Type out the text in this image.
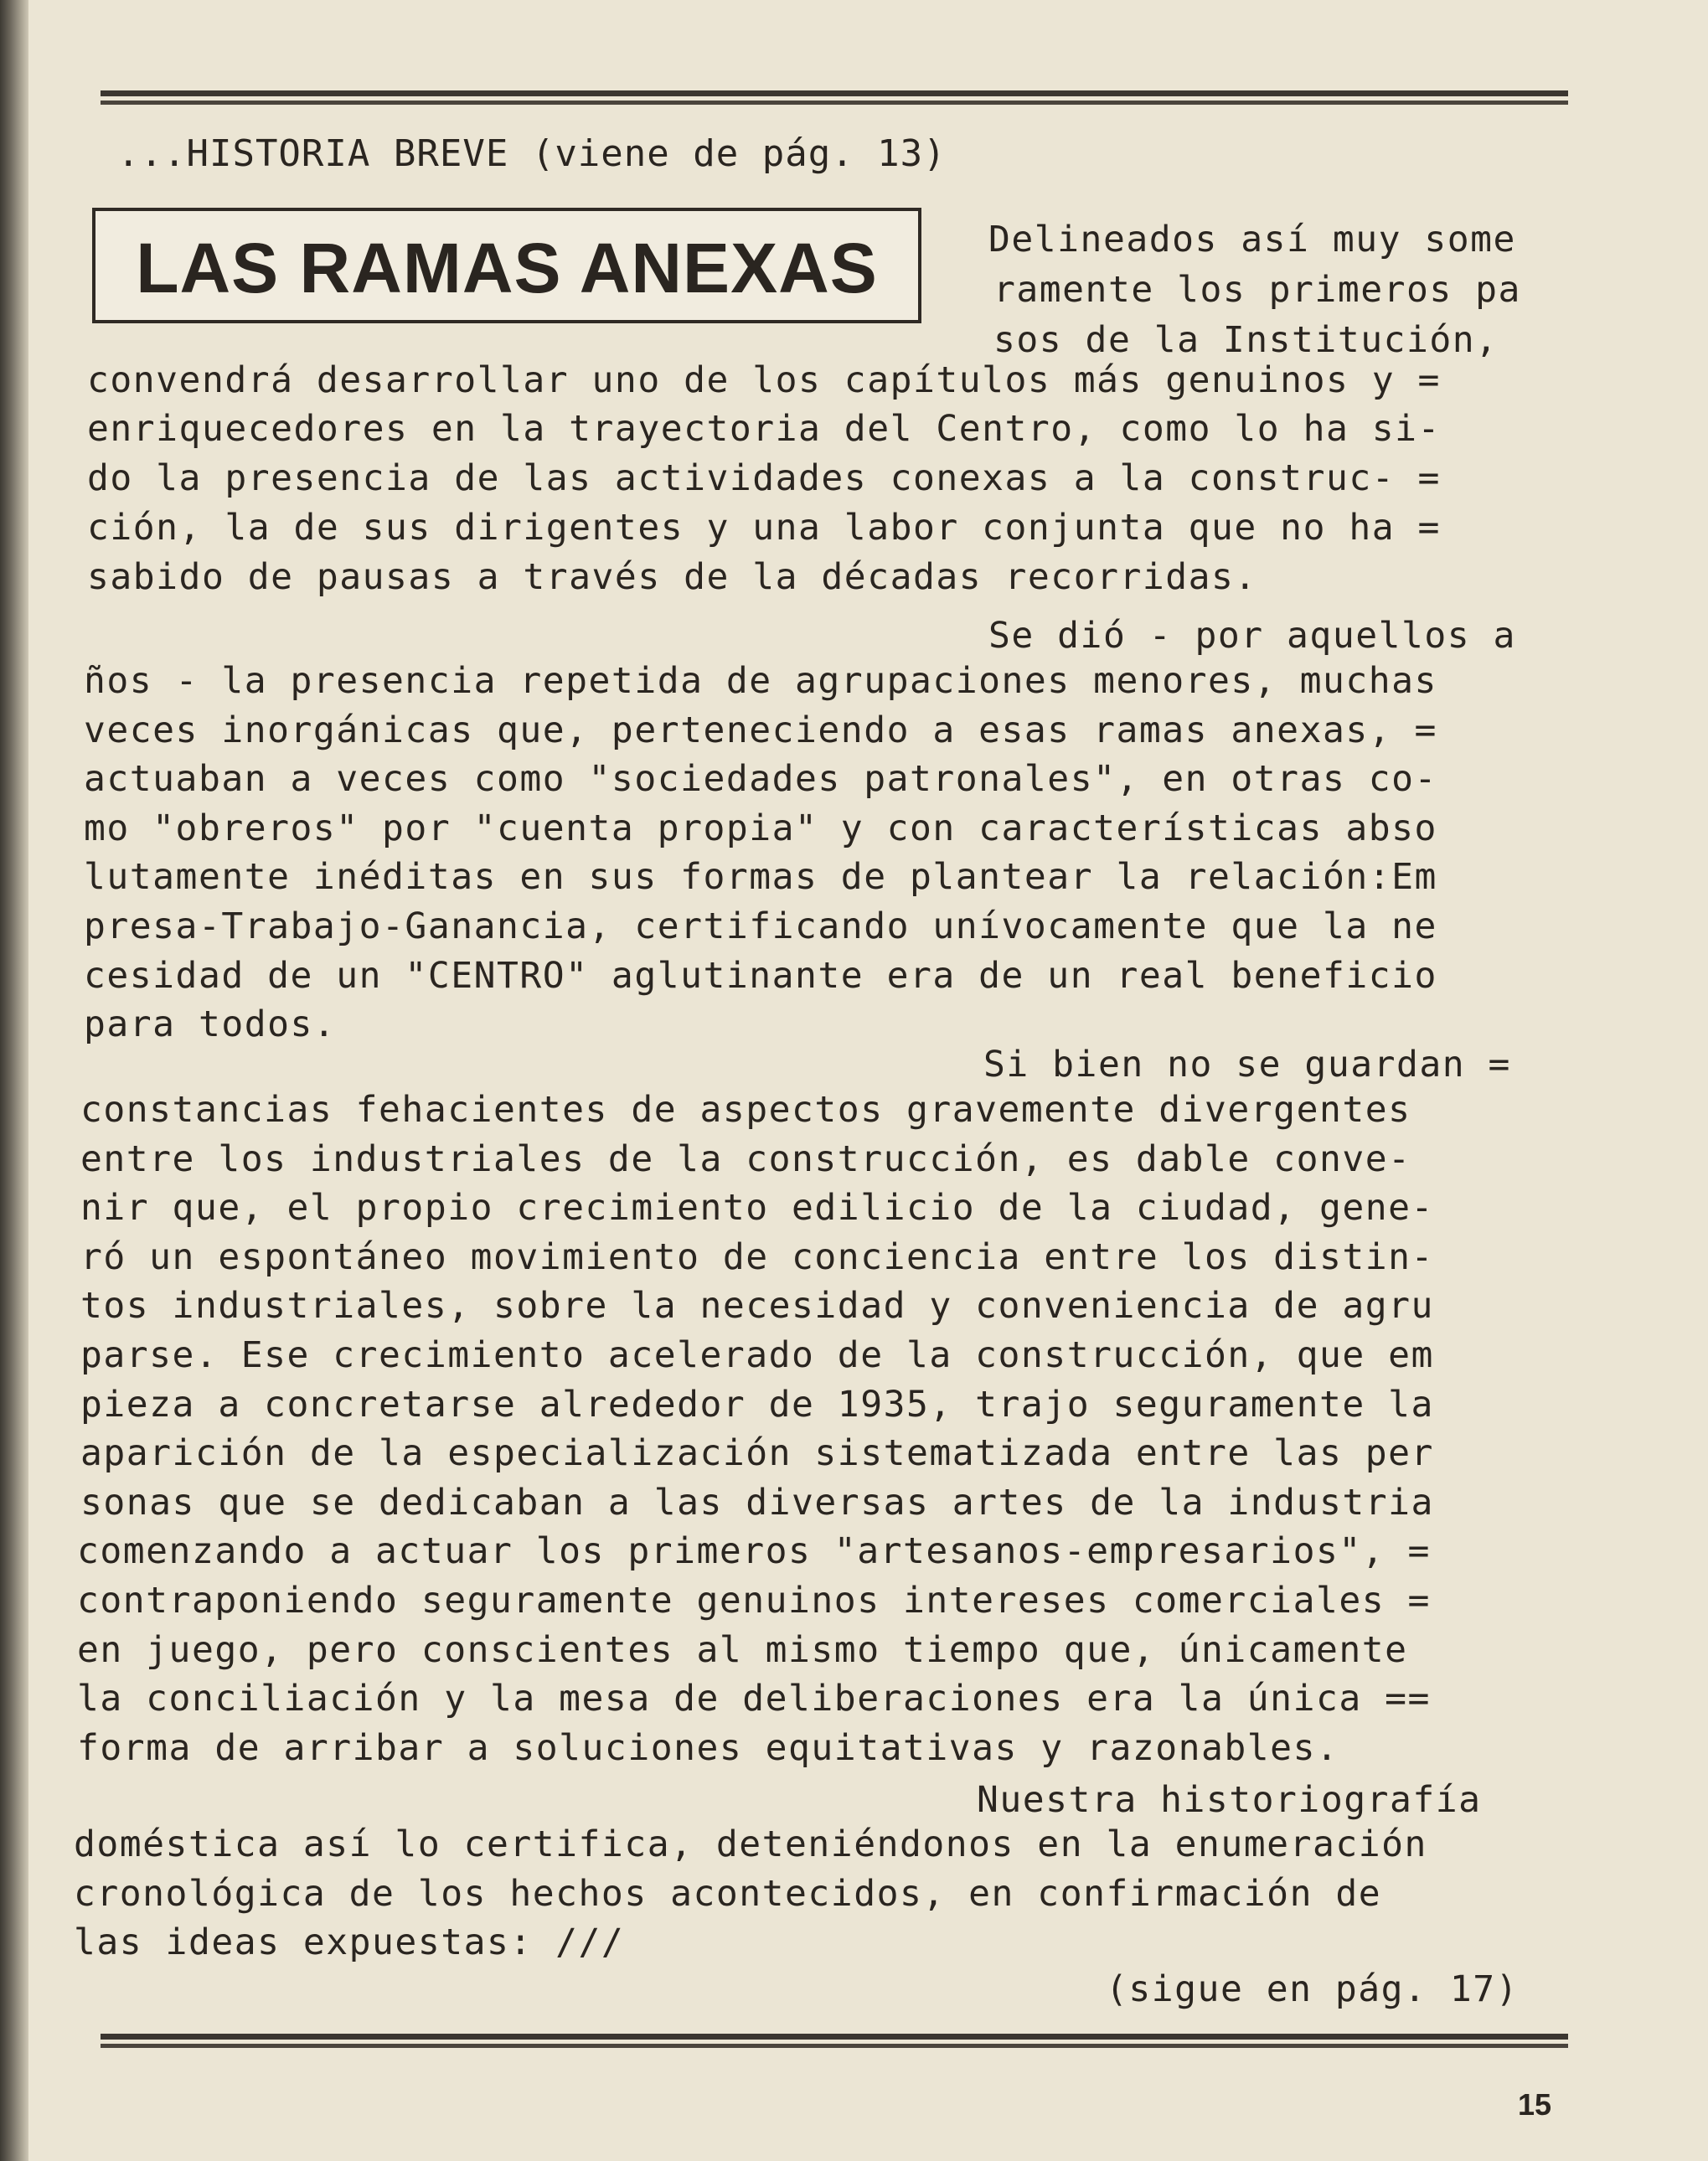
...HISTORIA BREVE (viene de pág. 13)
LAS RAMAS ANEXAS	Delineados así muy some
ramente los primeros pa
sos de la Institución,
convendrá desarrollar uno de los capítulos más genuinos y =
enriquecedores en la trayectoria del Centro, como lo ha si-
do la presencia de las actividades conexas a la construc- =
ción, la de sus dirigentes y una labor conjunta que no ha =
sabido de pausas a través de la décadas recorridas.
Se dió - por aquellos a
ños - la presencia repetida de agrupaciones menores, muchas
veces inorgánicas que, perteneciendo a esas ramas anexas, =
actuaban a veces como "sociedades patronales", en otras co-
mo "obreros" por "cuenta propia" y con características abso
lutamente inéditas en sus formas de plantear la relación:Em
presa-Trabajo-Ganancia, certificando unívocamente que la ne
cesidad de un "CENTRO" aglutinante era de un real beneficio
para todos.
Si bien no se guardan =
constancias fehacientes de aspectos gravemente divergentes
entre los industriales de la construcción, es dable conve-
nir que, el propio crecimiento edilicio de la ciudad, gene-
ró un espontáneo movimiento de conciencia entre los distin-
tos industriales, sobre la necesidad y conveniencia de agru
parse. Ese crecimiento acelerado de la construcción, que em
pieza a concretarse alrededor de 1935, trajo seguramente la
aparición de la especialización sistematizada entre las per
sonas que se dedicaban a las diversas artes de la industria
comenzando a actuar los primeros "artesanos-empresarios", =
contraponiendo seguramente genuinos intereses comerciales =
en juego, pero conscientes al mismo tiempo que, únicamente
la conciliación y la mesa de deliberaciones era la única ==
forma de arribar a soluciones equitativas y razonables.
Nuestra historiografía
doméstica así lo certifica, deteniéndonos en la enumeración
cronológica de los hechos acontecidos, en confirmación de
las ideas expuestas: ///
(sigue en pág. 17)
15
